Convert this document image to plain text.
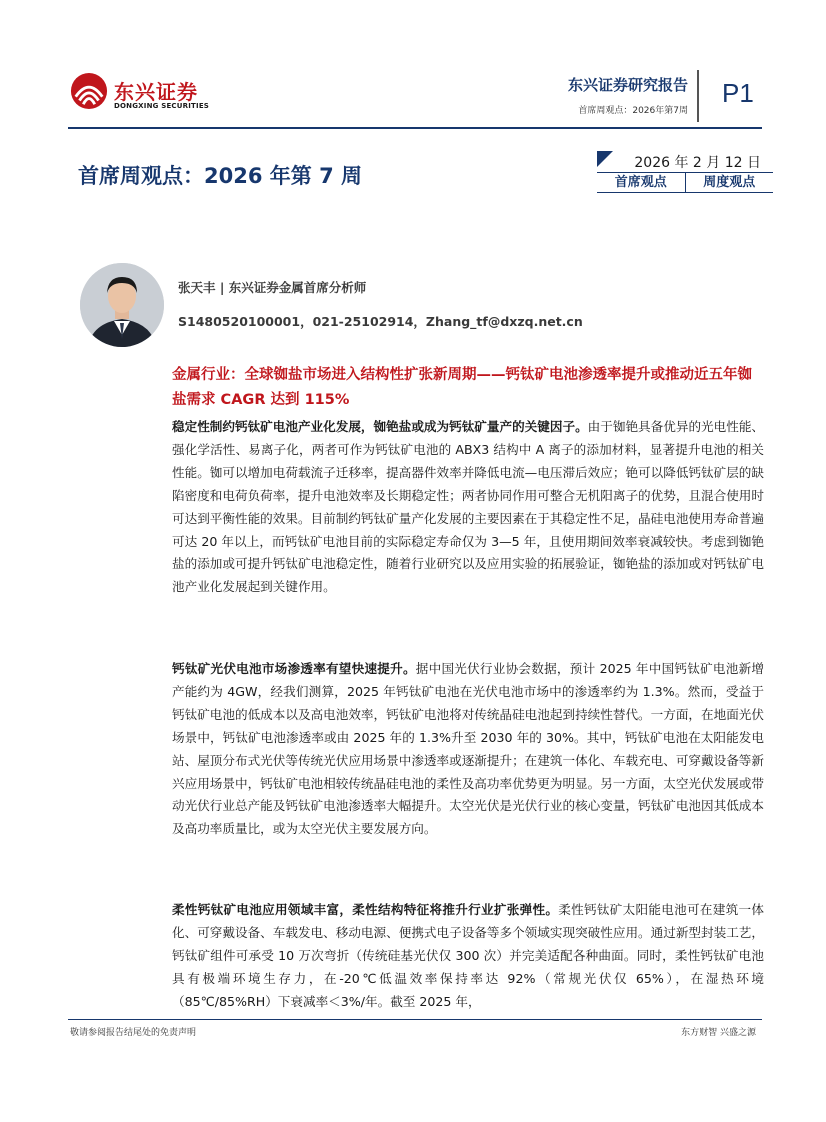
东兴证券
DONGXING SECURITIES
东兴证券研究报告
首席周观点：2026年第7周
P1
首席周观点：2026 年第 7 周
2026 年 2 月 12 日
首席观点	周度观点
张天丰 | 东兴证券金属首席分析师
S1480520100001，021-25102914，Zhang_tf@dxzq.net.cn
金属行业：全球铷盐市场进入结构性扩张新周期——钙钛矿电池渗透率提升或推动近五年铷盐需求 CAGR 达到 115%
稳定性制约钙钛矿电池产业化发展，铷铯盐或成为钙钛矿量产的关键因子。由于铷铯具备优异的光电性能、强化学活性、易离子化，两者可作为钙钛矿电池的 ABX3 结构中 A 离子的添加材料，显著提升电池的相关性能。铷可以增加电荷载流子迁移率，提高器件效率并降低电流—电压滞后效应；铯可以降低钙钛矿层的缺陷密度和电荷负荷率，提升电池效率及长期稳定性；两者协同作用可整合无机阳离子的优势，且混合使用时可达到平衡性能的效果。目前制约钙钛矿量产化发展的主要因素在于其稳定性不足，晶硅电池使用寿命普遍可达 20 年以上，而钙钛矿电池目前的实际稳定寿命仅为 3—5 年，且使用期间效率衰减较快。考虑到铷铯盐的添加或可提升钙钛矿电池稳定性，随着行业研究以及应用实验的拓展验证，铷铯盐的添加或对钙钛矿电池产业化发展起到关键作用。
钙钛矿光伏电池市场渗透率有望快速提升。据中国光伏行业协会数据，预计 2025 年中国钙钛矿电池新增产能约为 4GW，经我们测算，2025 年钙钛矿电池在光伏电池市场中的渗透率约为 1.3%。然而，受益于钙钛矿电池的低成本以及高电池效率，钙钛矿电池将对传统晶硅电池起到持续性替代。一方面，在地面光伏场景中，钙钛矿电池渗透率或由 2025 年的 1.3%升至 2030 年的 30%。其中，钙钛矿电池在太阳能发电站、屋顶分布式光伏等传统光伏应用场景中渗透率或逐渐提升；在建筑一体化、车载充电、可穿戴设备等新兴应用场景中，钙钛矿电池相较传统晶硅电池的柔性及高功率优势更为明显。另一方面，太空光伏发展或带动光伏行业总产能及钙钛矿电池渗透率大幅提升。太空光伏是光伏行业的核心变量，钙钛矿电池因其低成本及高功率质量比，或为太空光伏主要发展方向。
柔性钙钛矿电池应用领域丰富，柔性结构特征将推升行业扩张弹性。柔性钙钛矿太阳能电池可在建筑一体化、可穿戴设备、车载发电、移动电源、便携式电子设备等多个领域实现突破性应用。通过新型封装工艺，钙钛矿组件可承受 10 万次弯折（传统硅基光伏仅 300 次）并完美适配各种曲面。同时，柔性钙钛矿电池具有极端环境生存力，在-20℃低温效率保持率达 92%（常规光伏仅 65%），在湿热环境（85℃/85%RH）下衰减率＜3%/年。截至 2025 年，
敬请参阅报告结尾处的免责声明	东方财智 兴盛之源
